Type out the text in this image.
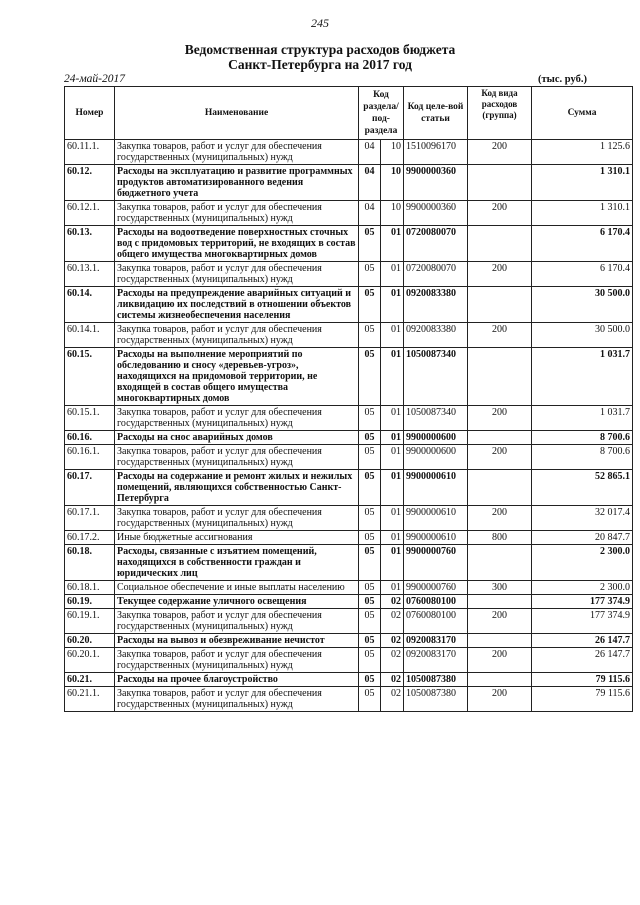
245
Ведомственная структура расходов бюджета
Санкт-Петербурга на 2017 год
24-май-2017	(тыс. руб.)
Номер	Наименование	Код раздела/ под-раздела		Код целе-вой статьи	Код вида расходов (группа)	Сумма
60.11.1.	Закупка товаров, работ и услуг для обеспечения государственных (муниципальных) нужд	04	10	1510096170	200	1 125.6
60.12.	Расходы на эксплуатацию и развитие программных продуктов автоматизированного ведения бюджетного учета	04	10	9900000360		1 310.1
60.12.1.	Закупка товаров, работ и услуг для обеспечения государственных (муниципальных) нужд	04	10	9900000360	200	1 310.1
60.13.	Расходы на водоотведение поверхностных сточных вод с придомовых территорий, не входящих в состав общего имущества многоквартирных домов	05	01	0720080070		6 170.4
60.13.1.	Закупка товаров, работ и услуг для обеспечения государственных (муниципальных) нужд	05	01	0720080070	200	6 170.4
60.14.	Расходы на предупреждение аварийных ситуаций и ликвидацию их последствий в отношении объектов системы жизнеобеспечения населения	05	01	0920083380		30 500.0
60.14.1.	Закупка товаров, работ и услуг для обеспечения государственных (муниципальных) нужд	05	01	0920083380	200	30 500.0
60.15.	Расходы на выполнение мероприятий по обследованию и сносу «деревьев-угроз», находящихся на придомовой территории, не входящей в состав общего имущества многоквартирных домов	05	01	1050087340		1 031.7
60.15.1.	Закупка товаров, работ и услуг для обеспечения государственных (муниципальных) нужд	05	01	1050087340	200	1 031.7
60.16.	Расходы на снос аварийных домов	05	01	9900000600		8 700.6
60.16.1.	Закупка товаров, работ и услуг для обеспечения государственных (муниципальных) нужд	05	01	9900000600	200	8 700.6
60.17.	Расходы на содержание и ремонт жилых и нежилых помещений, являющихся собственностью Санкт-Петербурга	05	01	9900000610		52 865.1
60.17.1.	Закупка товаров, работ и услуг для обеспечения государственных (муниципальных) нужд	05	01	9900000610	200	32 017.4
60.17.2.	Иные бюджетные ассигнования	05	01	9900000610	800	20 847.7
60.18.	Расходы, связанные с изъятием помещений, находящихся в собственности граждан и юридических лиц	05	01	9900000760		2 300.0
60.18.1.	Социальное обеспечение и иные выплаты населению	05	01	9900000760	300	2 300.0
60.19.	Текущее содержание уличного освещения	05	02	0760080100		177 374.9
60.19.1.	Закупка товаров, работ и услуг для обеспечения государственных (муниципальных) нужд	05	02	0760080100	200	177 374.9
60.20.	Расходы на вывоз и обезвреживание нечистот	05	02	0920083170		26 147.7
60.20.1.	Закупка товаров, работ и услуг для обеспечения государственных (муниципальных) нужд	05	02	0920083170	200	26 147.7
60.21.	Расходы на прочее благоустройство	05	02	1050087380		79 115.6
60.21.1.	Закупка товаров, работ и услуг для обеспечения государственных (муниципальных) нужд	05	02	1050087380	200	79 115.6
